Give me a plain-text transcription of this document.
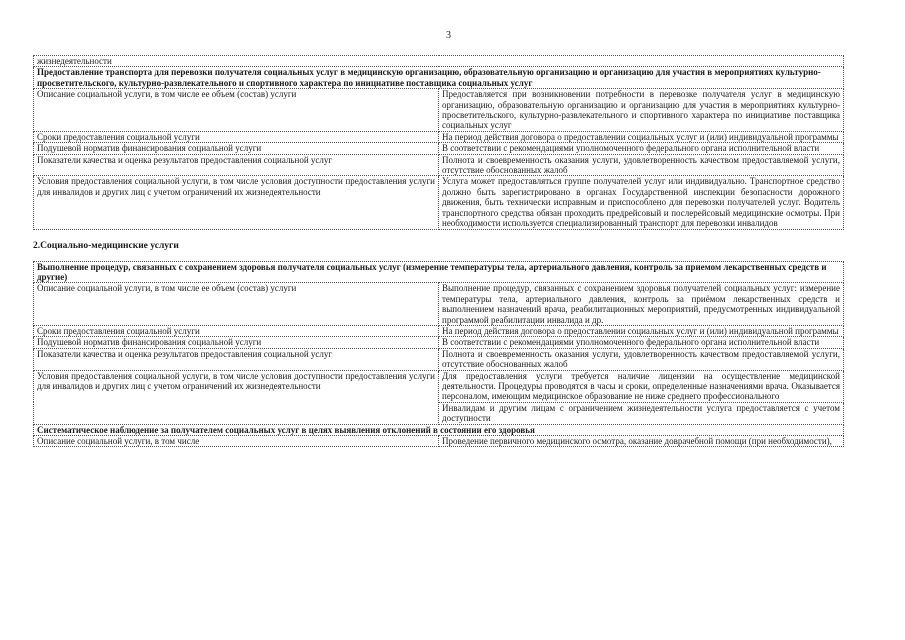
3
жизнедеятельности	
Предоставление транспорта для перевозки получателя социальных услуг в медицинскую организацию, образовательную организацию и организацию для участия в мероприятиях культурно-просветительского, культурно-развлекательного и спортивного характера по инициативе поставщика социальных услуг	
Описание социальной услуги, в том числе ее объем (состав) услуги	Предоставляется при возникновении потребности в перевозке получателя услуг в медицинскую организацию, образовательную организацию и организацию для участия в мероприятиях культурно-просветительского, культурно-развлекательного и спортивного характера по инициативе поставщика социальных услуг
Сроки предоставления социальной услуги	На период действия договора о предоставлении социальных услуг и (или) индивидуальной программы
Подушевой норматив финансирования социальной услуги	В соответствии с рекомендациями уполномоченного федерального органа исполнительной власти
Показатели качества и оценка результатов предоставления социальной услуг	Полнота и своевременность оказания услуги, удовлетворенность качеством предоставляемой услуги, отсутствие обоснованных жалоб
Условия предоставления социальной услуги, в том числе условия доступности предоставления услуги для инвалидов и других лиц с учетом ограничений их жизнедеятельности	Услуга может предоставляться группе получателей услуг или индивидуально. Транспортное средство должно быть зарегистрировано в органах Государственной инспекции безопасности дорожного движения, быть технически исправным и приспособлено для перевозки получателей услуг. Водитель транспортного средства обязан проходить предрейсовый и послерейсовый медицинские осмотры. При необходимости используется специализированный транспорт для перевозки инвалидов
2.Социально-медицинские услуги
Выполнение процедур, связанных с сохранением здоровья получателя социальных услуг (измерение температуры тела, артериального давления, контроль за приемом лекарственных средств и другие)	
Описание социальной услуги, в том числе ее объем (состав) услуги	Выполнение процедур, связанных с сохранением здоровья получателей социальных услуг: измерение температуры тела, артериального давления, контроль за приёмом лекарственных средств и выполнением назначений врача, реабилитационных мероприятий, предусмотренных индивидуальной программой реабилитации инвалида и др.
Сроки предоставления социальной услуги	На период действия договора о предоставлении социальных услуг и (или) индивидуальной программы
Подушевой норматив финансирования социальной услуги	В соответствии с рекомендациями уполномоченного федерального органа исполнительной власти
Показатели качества и оценка результатов предоставления социальной услуг	Полнота и своевременность оказания услуги, удовлетворенность качеством предоставляемой услуги, отсутствие обоснованных жалоб
Условия предоставления социальной услуги, в том числе условия доступности предоставления услуги для инвалидов и других лиц с учетом ограничений их жизнедеятельности	Для предоставления услуги требуется наличие лицензии на осуществление медицинской деятельности. Процедуры проводятся в часы и сроки, определенные назначениями врача. Оказывается персоналом, имеющим медицинское образование не ниже среднего профессионального
	Инвалидам и другим лицам с ограничением жизнедеятельности услуга предоставляется с учетом доступности
Систематическое наблюдение за получателем социальных услуг в целях выявления отклонений в состоянии его здоровья	
Описание социальной услуги, в том числе	Проведение первичного медицинского осмотра, оказание доврачебной помощи (при необходимости),
